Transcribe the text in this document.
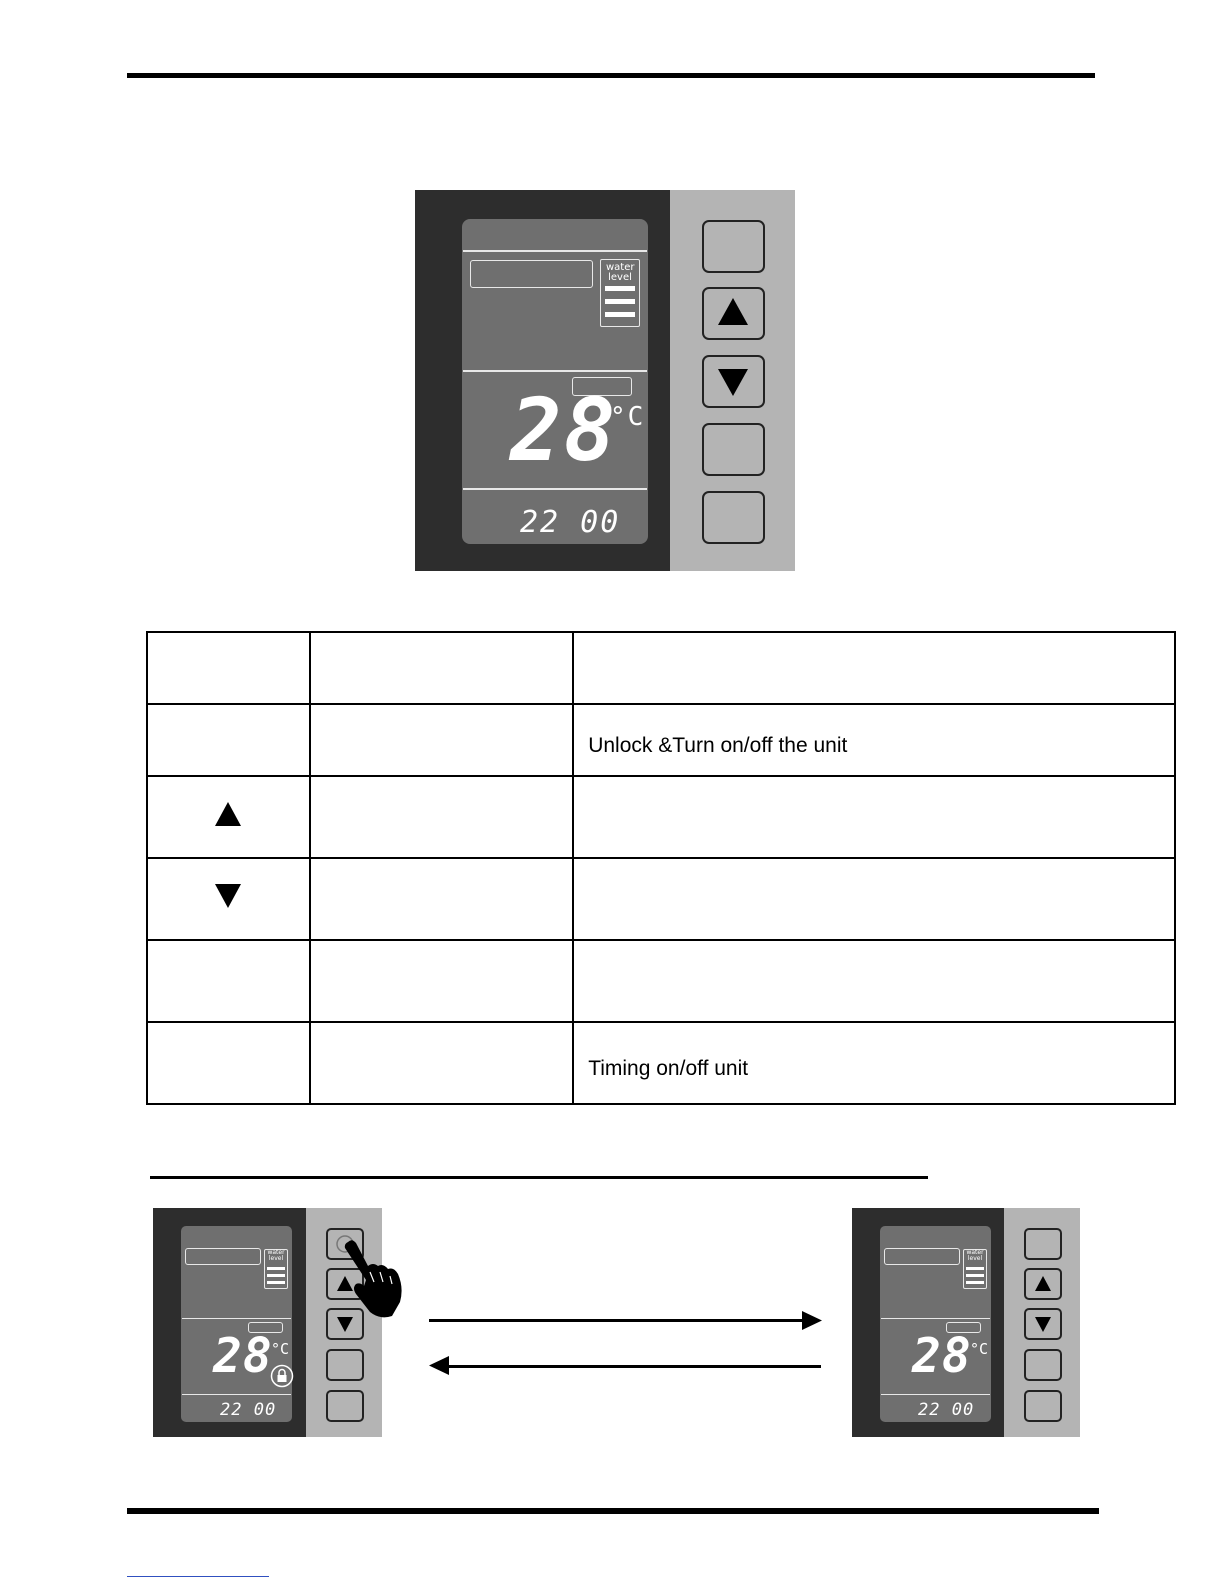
water level
28
°C
22 00

		Unlock &Turn on/off the unit

		Timing on/off unit
water level
28
°C
22 00
water level
28
°C
22 00
